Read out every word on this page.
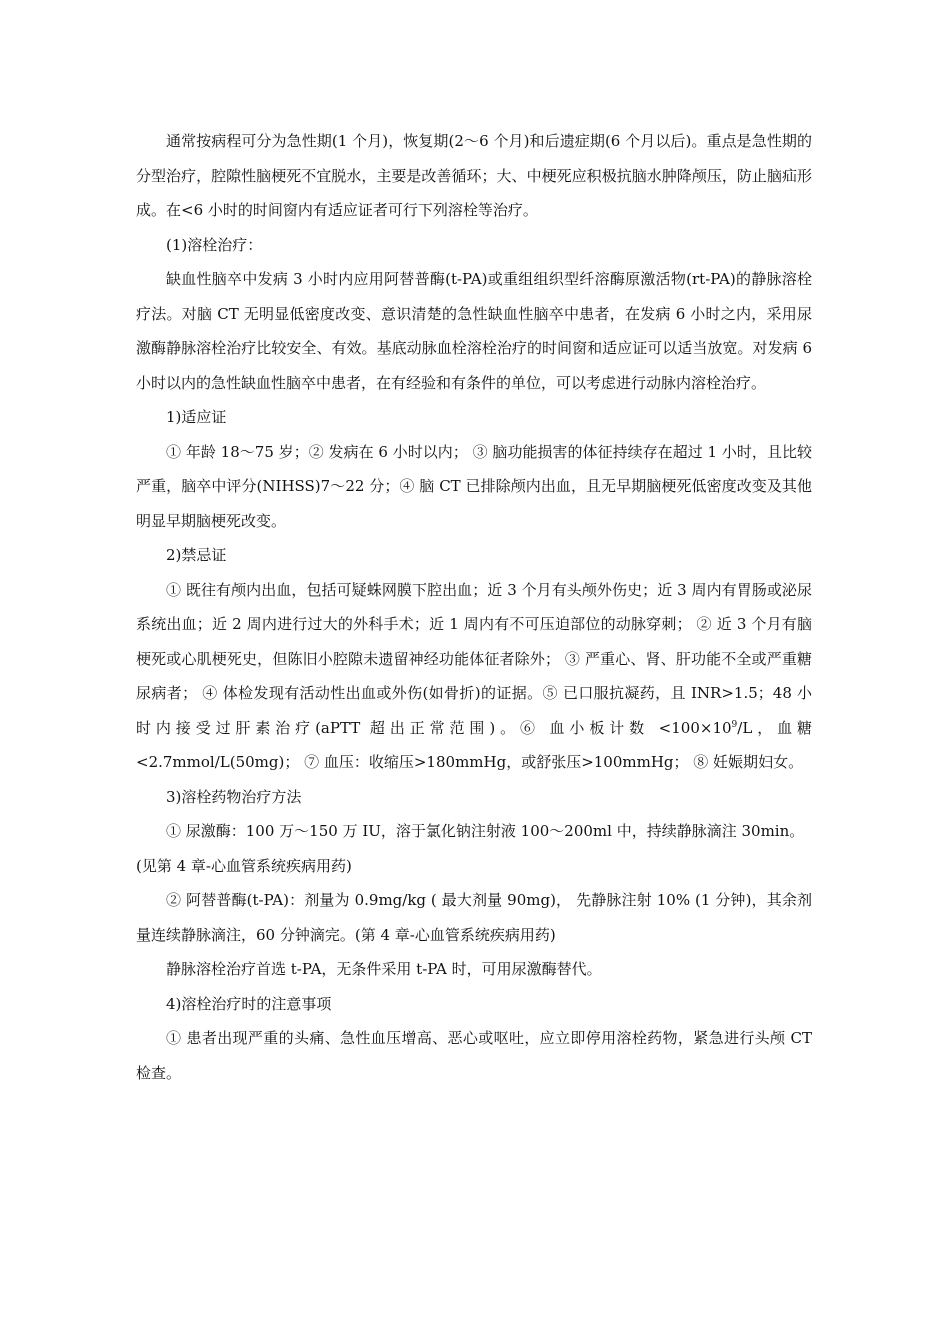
通常按病程可分为急性期(1 个月)，恢复期(2～6 个月)和后遗症期(6 个月以后)。重点是急性期的分型治疗，腔隙性脑梗死不宜脱水，主要是改善循环；大、中梗死应积极抗脑水肿降颅压，防止脑疝形成。在<6 小时的时间窗内有适应证者可行下列溶栓等治疗。

(1)溶栓治疗：

缺血性脑卒中发病 3 小时内应用阿替普酶(t-PA)或重组组织型纤溶酶原激活物(rt-PA)的静脉溶栓疗法。对脑 CT 无明显低密度改变、意识清楚的急性缺血性脑卒中患者，在发病 6 小时之内，采用尿激酶静脉溶栓治疗比较安全、有效。基底动脉血栓溶栓治疗的时间窗和适应证可以适当放宽。对发病 6 小时以内的急性缺血性脑卒中患者，在有经验和有条件的单位，可以考虑进行动脉内溶栓治疗。

1)适应证

① 年龄 18～75 岁；② 发病在 6 小时以内； ③ 脑功能损害的体征持续存在超过 1 小时，且比较严重，脑卒中评分(NIHSS)7～22 分；④ 脑 CT 已排除颅内出血，且无早期脑梗死低密度改变及其他明显早期脑梗死改变。

2)禁忌证

① 既往有颅内出血，包括可疑蛛网膜下腔出血；近 3 个月有头颅外伤史；近 3 周内有胃肠或泌尿系统出血；近 2 周内进行过大的外科手术；近 1 周内有不可压迫部位的动脉穿刺； ② 近 3 个月有脑梗死或心肌梗死史，但陈旧小腔隙未遗留神经功能体征者除外； ③ 严重心、肾、肝功能不全或严重糖尿病者； ④ 体检发现有活动性出血或外伤(如骨折)的证据。⑤ 已口服抗凝药，且 INR>1.5；48 小时内接受过肝素治疗(aPTT 超出正常范围)。⑥ 血小板计数 $<100\times 10^9/L$，血糖<2.7mmol/L(50mg)； ⑦ 血压：收缩压>180mmHg，或舒张压>100mmHg； ⑧ 妊娠期妇女。

3)溶栓药物治疗方法

① 尿激酶：100 万～150 万 IU，溶于氯化钠注射液 100～200ml 中，持续静脉滴注 30min。

(见第 4 章-心血管系统疾病用药)

② 阿替普酶(t-PA)：剂量为 0.9mg/kg ( 最大剂量 90mg)， 先静脉注射 10% (1 分钟)，其余剂量连续静脉滴注，60 分钟滴完。(第 4 章-心血管系统疾病用药)

静脉溶栓治疗首选 t-PA，无条件采用 t-PA 时，可用尿激酶替代。

4)溶栓治疗时的注意事项

① 患者出现严重的头痛、急性血压增高、恶心或呕吐，应立即停用溶栓药物，紧急进行头颅 CT 检查。
